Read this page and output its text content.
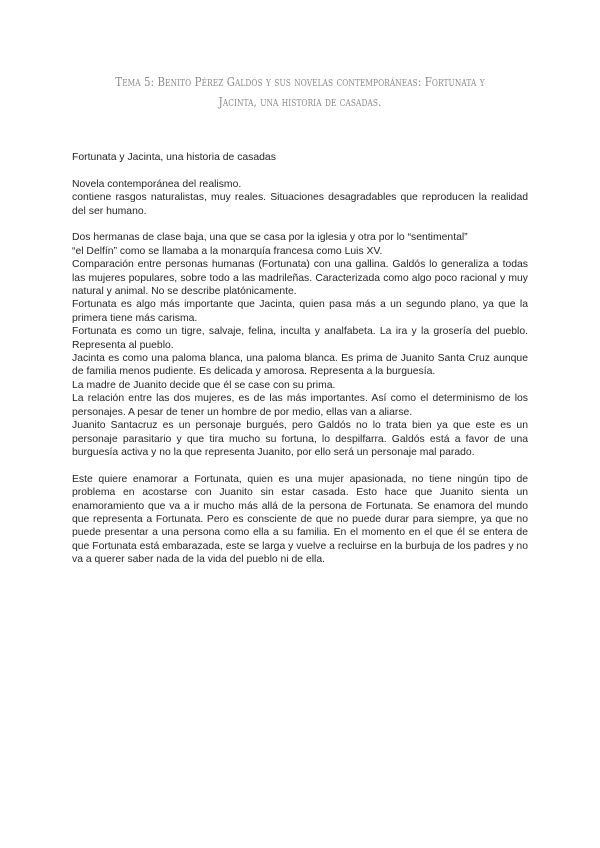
Tema 5: Benito Pérez Galdós y sus novelas contemporáneas: Fortunata y Jacinta, una historia de casadas.

Fortunata y Jacinta, una historia de casadas

Novela contemporánea del realismo.

contiene rasgos naturalistas, muy reales. Situaciones desagradables que reproducen la realidad del ser humano.

Dos hermanas de clase baja, una que se casa por la iglesia y otra por lo “sentimental”

“el Delfín” como se llamaba a la monarquía francesa como Luis XV.

Comparación entre personas humanas (Fortunata) con una gallina. Galdós lo generaliza a todas las mujeres populares, sobre todo a las madrileñas. Caracterizada como algo poco racional y muy natural y animal. No se describe platónicamente.

Fortunata es algo más importante que Jacinta, quien pasa más a un segundo plano, ya que la primera tiene más carisma.

Fortunata es como un tigre, salvaje, felina, inculta y analfabeta. La ira y la grosería del pueblo. Representa al pueblo.

Jacinta es como una paloma blanca, una paloma blanca. Es prima de Juanito Santa Cruz aunque de familia menos pudiente. Es delicada y amorosa. Representa a la burguesía.

La madre de Juanito decide que él se case con su prima.

La relación entre las dos mujeres, es de las más importantes. Así como el determinismo de los personajes. A pesar de tener un hombre de por medio, ellas van a aliarse.

Juanito Santacruz es un personaje burgués, pero Galdós no lo trata bien ya que este es un personaje parasitario y que tira mucho su fortuna, lo despilfarra. Galdós está a favor de una burguesía activa y no la que representa Juanito, por ello será un personaje mal parado.

Este quiere enamorar a Fortunata, quien es una mujer apasionada, no tiene ningún tipo de problema en acostarse con Juanito sin estar casada. Esto hace que Juanito sienta un enamoramiento que va a ir mucho más allá de la persona de Fortunata. Se enamora del mundo que representa a Fortunata. Pero es consciente de que no puede durar para siempre, ya que no puede presentar a una persona como ella a su familia. En el momento en el que él se entera de que Fortunata está embarazada, este se larga y vuelve a recluirse en la burbuja de los padres y no va a querer saber nada de la vida del pueblo ni de ella.
